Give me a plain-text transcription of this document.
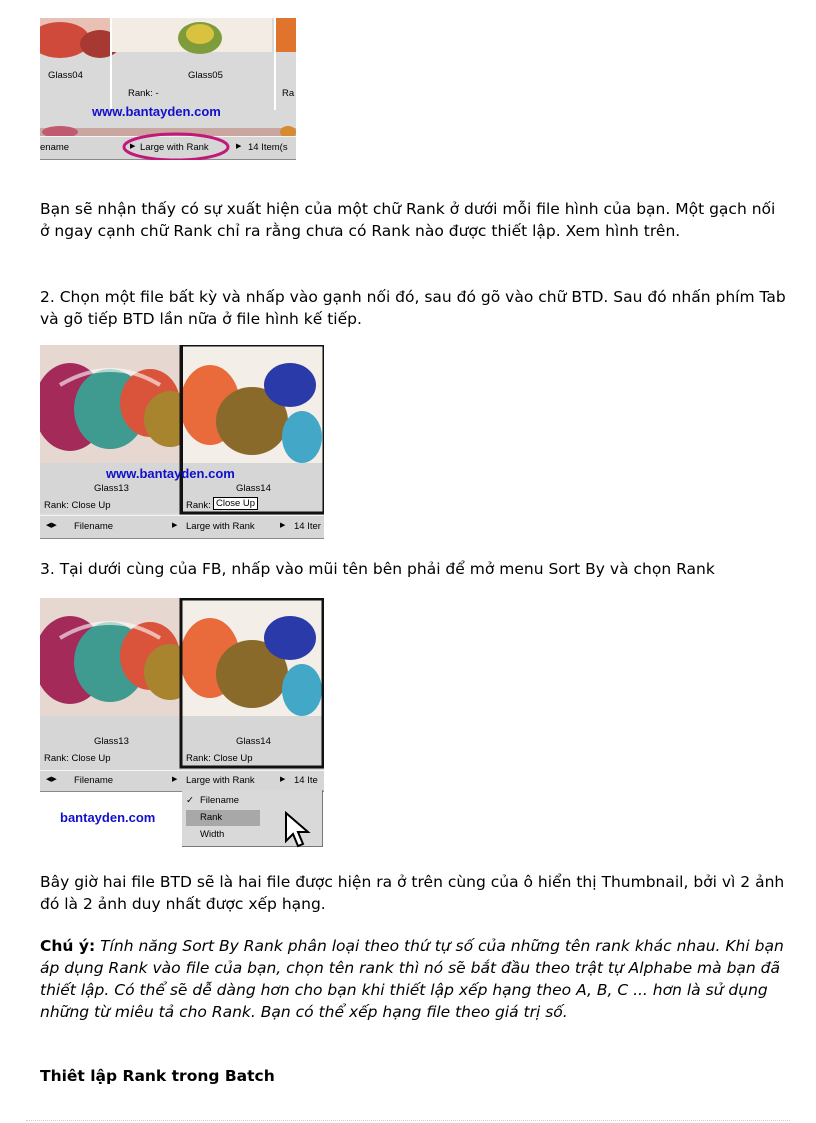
Glass04	Glass05
Rank: -	Ra
www.bantayden.com
ename	▶ Large with Rank	▶ 14 Item(s

Bạn sẽ nhận thấy có sự xuất hiện của một chữ Rank ở dưới mỗi file hình của bạn. Một gạch nối ở ngay cạnh chữ Rank chỉ ra rằng chưa có Rank nào được thiết lập. Xem hình trên.

2. Chọn một file bất kỳ và nhấp vào gạnh nối đó, sau đó gõ vào chữ BTD. Sau đó nhấn phím Tab và gõ tiếp BTD lần nữa ở file hình kế tiếp.

www.bantayden.com
Glass13	Glass14
Rank: Close Up	Rank: Close Up
◀▶ Filename	▶ Large with Rank	▶ 14 Iter

3. Tại dưới cùng của FB, nhấp vào mũi tên bên phải để mở menu Sort By và chọn Rank

Glass13	Glass14
Rank: Close Up	Rank: Close Up
◀▶ Filename	▶ Large with Rank	▶ 14 Ite
bantayden.com
✓ Filename
Rank
Width

Bây giờ hai file BTD sẽ là hai file được hiện ra ở trên cùng của ô hiển thị Thumbnail, bởi vì 2 ảnh đó là 2 ảnh duy nhất được xếp hạng.

Chú ý: Tính năng Sort By Rank phân loại theo thứ tự số của những tên rank khác nhau. Khi bạn áp dụng Rank vào file của bạn, chọn tên rank thì nó sẽ bắt đầu theo trật tự Alphabe mà bạn đã thiết lập. Có thể sẽ dễ dàng hơn cho bạn khi thiết lập xếp hạng theo A, B, C ... hơn là sử dụng những từ miêu tả cho Rank. Bạn có thể xếp hạng file theo giá trị số.

Thiêt lập Rank trong Batch
